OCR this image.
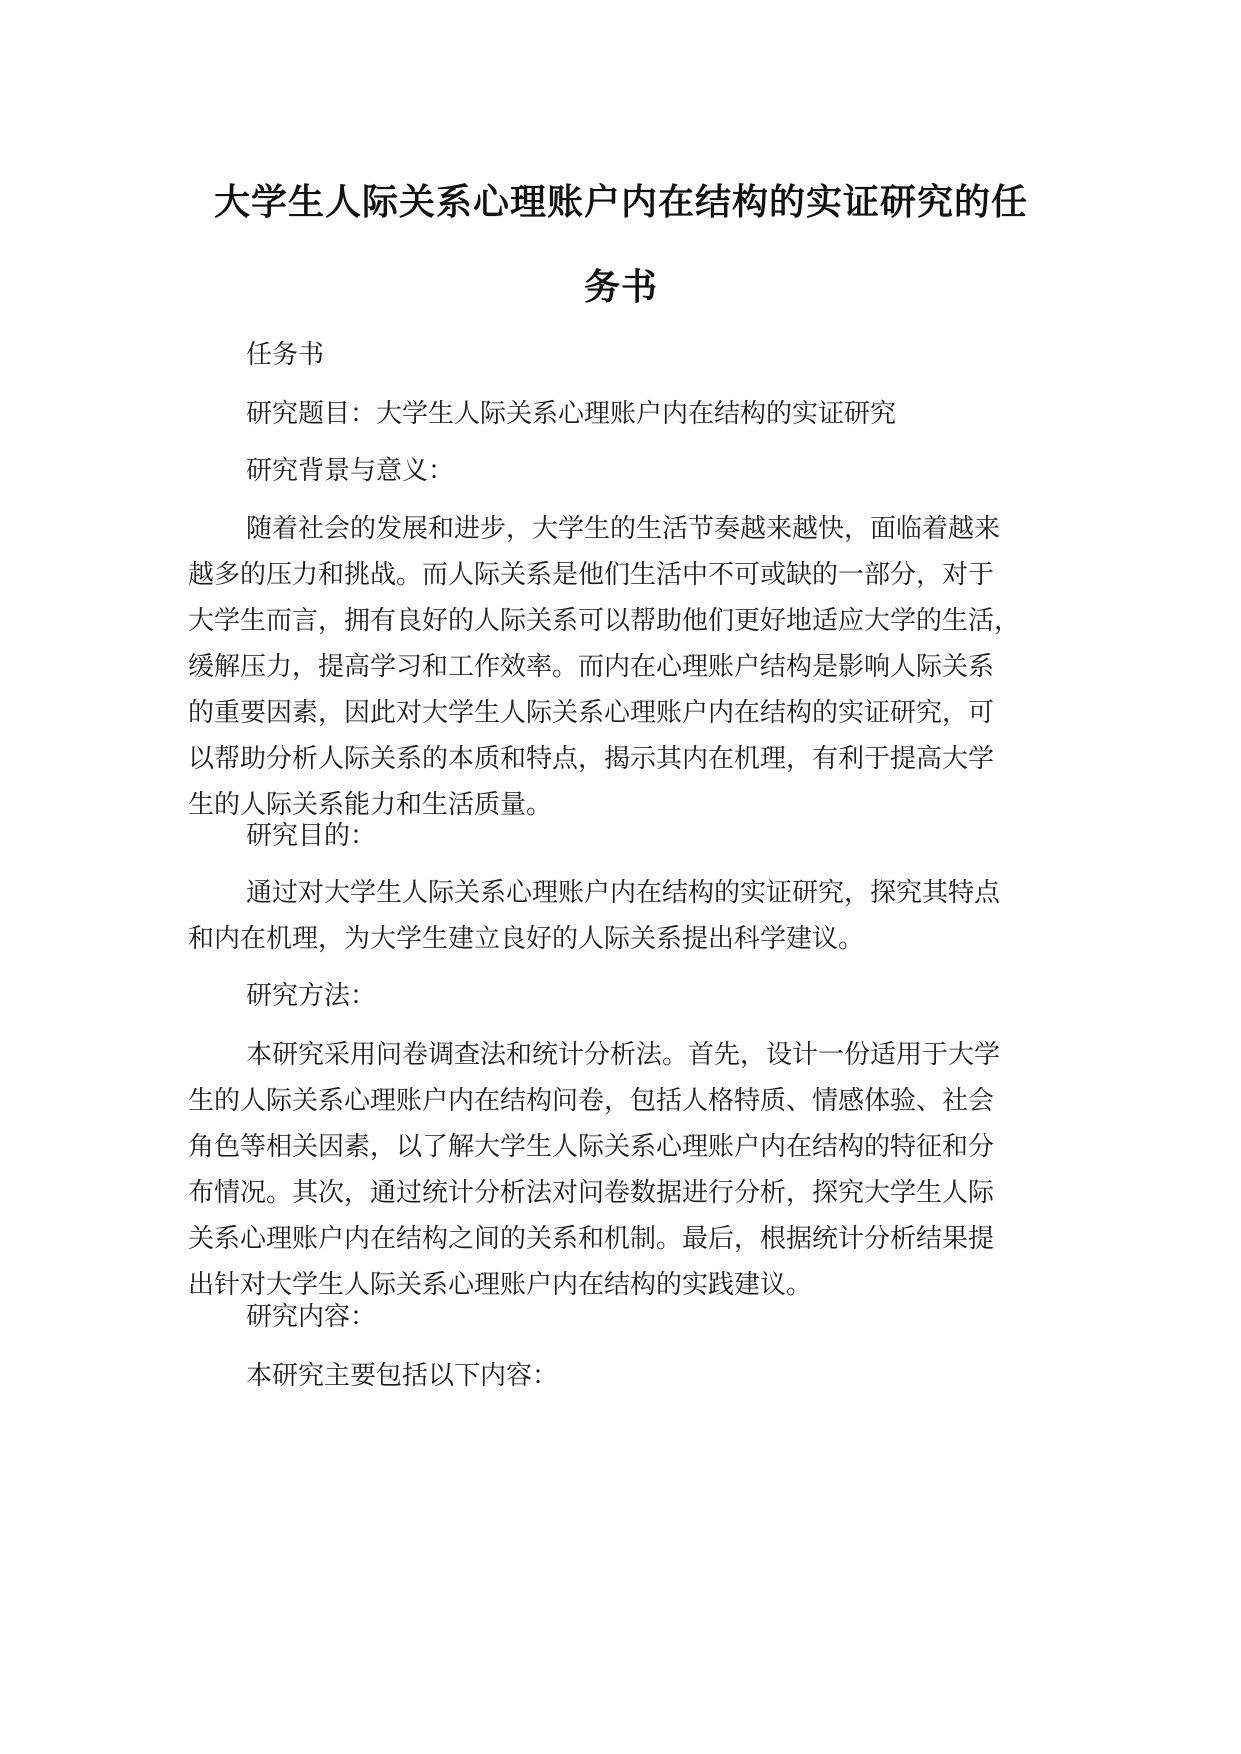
大学生人际关系心理账户内在结构的实证研究的任
务书
任务书
研究题目：大学生人际关系心理账户内在结构的实证研究
研究背景与意义：
随着社会的发展和进步，大学生的生活节奏越来越快，面临着越来
越多的压力和挑战。而人际关系是他们生活中不可或缺的一部分，对于
大学生而言，拥有良好的人际关系可以帮助他们更好地适应大学的生活，
缓解压力，提高学习和工作效率。而内在心理账户结构是影响人际关系
的重要因素，因此对大学生人际关系心理账户内在结构的实证研究，可
以帮助分析人际关系的本质和特点，揭示其内在机理，有利于提高大学
生的人际关系能力和生活质量。
研究目的：
通过对大学生人际关系心理账户内在结构的实证研究，探究其特点
和内在机理，为大学生建立良好的人际关系提出科学建议。
研究方法：
本研究采用问卷调查法和统计分析法。首先，设计一份适用于大学
生的人际关系心理账户内在结构问卷，包括人格特质、情感体验、社会
角色等相关因素，以了解大学生人际关系心理账户内在结构的特征和分
布情况。其次，通过统计分析法对问卷数据进行分析，探究大学生人际
关系心理账户内在结构之间的关系和机制。最后，根据统计分析结果提
出针对大学生人际关系心理账户内在结构的实践建议。
研究内容：
本研究主要包括以下内容：
